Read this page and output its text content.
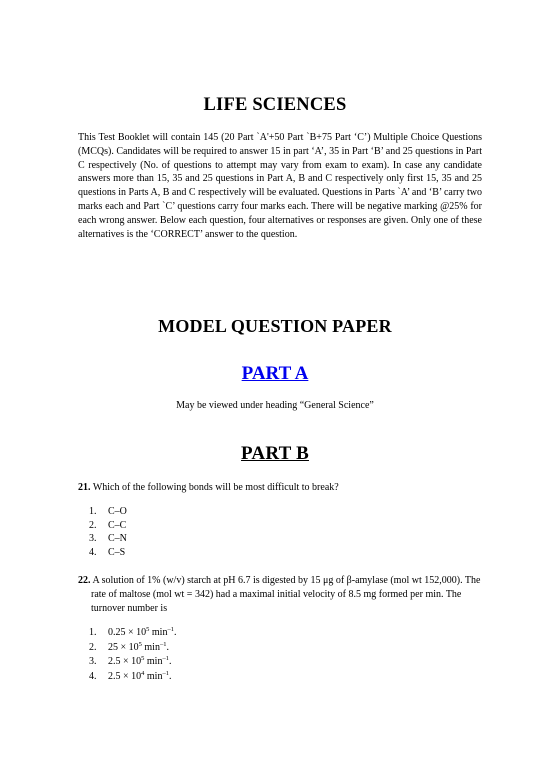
LIFE SCIENCES

This Test Booklet will contain 145 (20 Part `A'+50 Part `B+75 Part ‘C’) Multiple Choice Questions (MCQs). Candidates will be required to answer 15 in part ‘A’, 35 in Part ‘B’ and 25 questions in Part C respectively (No. of questions to attempt may vary from exam to exam). In case any candidate answers more than 15, 35 and 25 questions in Part A, B and C respectively only first 15, 35 and 25 questions in Parts A, B and C respectively will be evaluated. Questions in Parts `A’ and ‘B’ carry two marks each and Part `C’ questions carry four marks each. There will be negative marking @25% for each wrong answer. Below each question, four alternatives or responses are given. Only one of these alternatives is the ‘CORRECT’ answer to the question.

MODEL QUESTION PAPER
PART A
May be viewed under heading “General Science”
PART B

21. Which of the following bonds will be most difficult to break?

1.	C–O
2.	C–C
3.	C–N
4.	C–S

22. A solution of 1% (w/v) starch at pH 6.7 is digested by 15 μg of β-amylase (mol wt 152,000). The rate of maltose (mol wt = 342) had a maximal initial velocity of 8.5 mg formed per min. The turnover number is

1.	$0.25 \times 10^5$ $\min^{-1}$.
2.	$25 \times 10^5$ $\min^{-1}$.
3.	$2.5 \times 10^5$ $\min^{-1}$.
4.	$2.5 \times 10^4$ $\min^{-1}$.
